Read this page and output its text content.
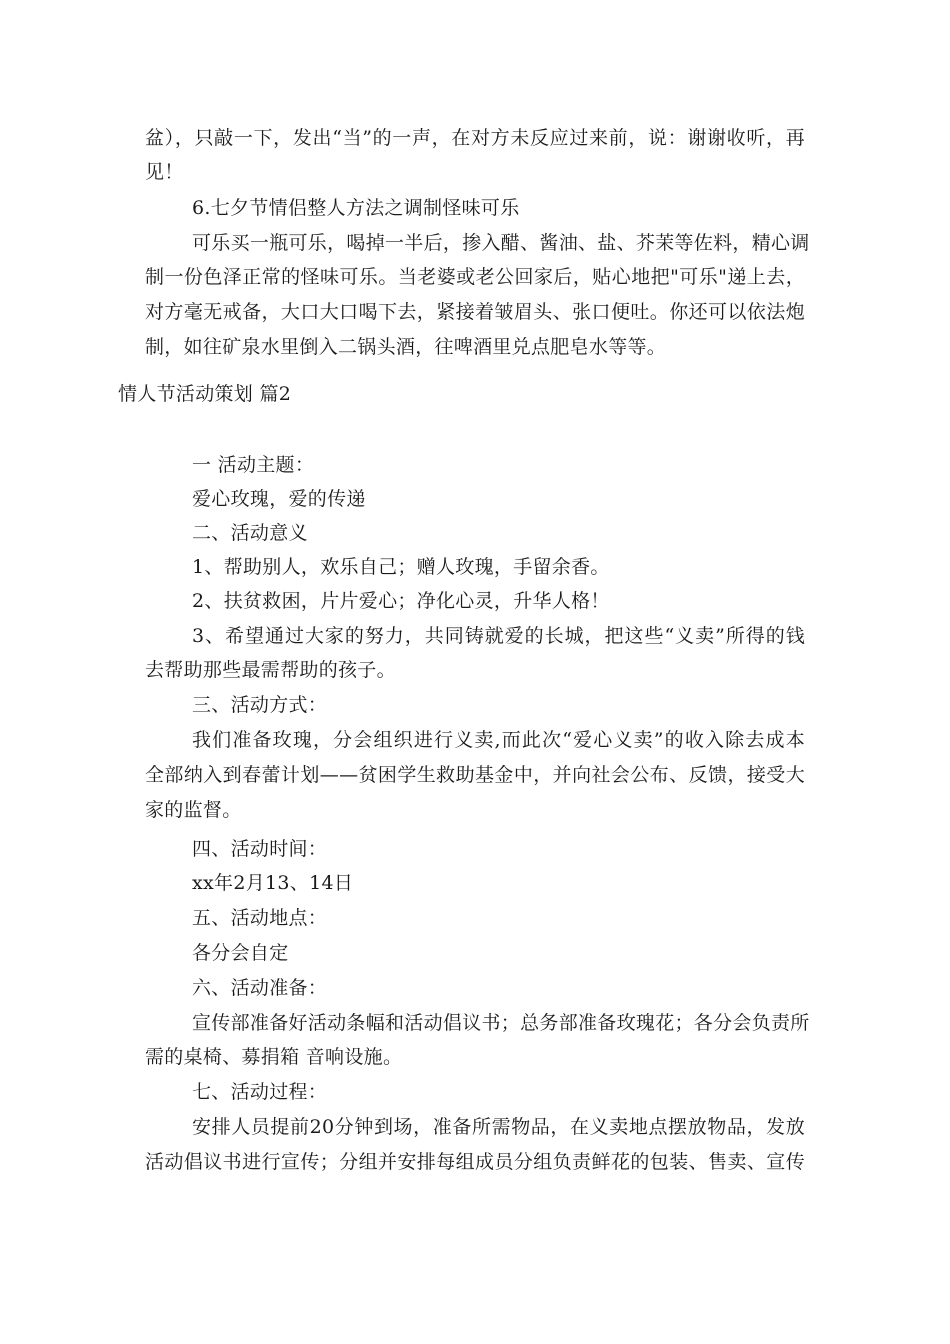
盆），只敲一下，发出“当”的一声，在对方未反应过来前，说：谢谢收听，再
见！
6.七夕节情侣整人方法之调制怪味可乐
可乐买一瓶可乐，喝掉一半后，掺入醋、酱油、盐、芥茉等佐料，精心调
制一份色泽正常的怪味可乐。当老婆或老公回家后，贴心地把"可乐"递上去，
对方毫无戒备，大口大口喝下去，紧接着皱眉头、张口便吐。你还可以依法炮
制，如往矿泉水里倒入二锅头酒，往啤酒里兑点肥皂水等等。
情人节活动策划 篇2
一 活动主题：
爱心玫瑰，爱的传递
二、活动意义
1、帮助别人，欢乐自己；赠人玫瑰，手留余香。
2、扶贫救困，片片爱心；净化心灵，升华人格！
3、希望通过大家的努力，共同铸就爱的长城，把这些“义卖”所得的钱
去帮助那些最需帮助的孩子。
三、活动方式：
我们准备玫瑰，分会组织进行义卖,而此次“爱心义卖”的收入除去成本
全部纳入到春蕾计划——贫困学生救助基金中，并向社会公布、反馈，接受大
家的监督。
四、活动时间：
xx年2月13、14日
五、活动地点：
各分会自定
六、活动准备：
宣传部准备好活动条幅和活动倡议书；总务部准备玫瑰花；各分会负责所
需的桌椅、募捐箱 音响设施。
七、活动过程：
安排人员提前20分钟到场，准备所需物品，在义卖地点摆放物品，发放
活动倡议书进行宣传；分组并安排每组成员分组负责鲜花的包装、售卖、宣传
